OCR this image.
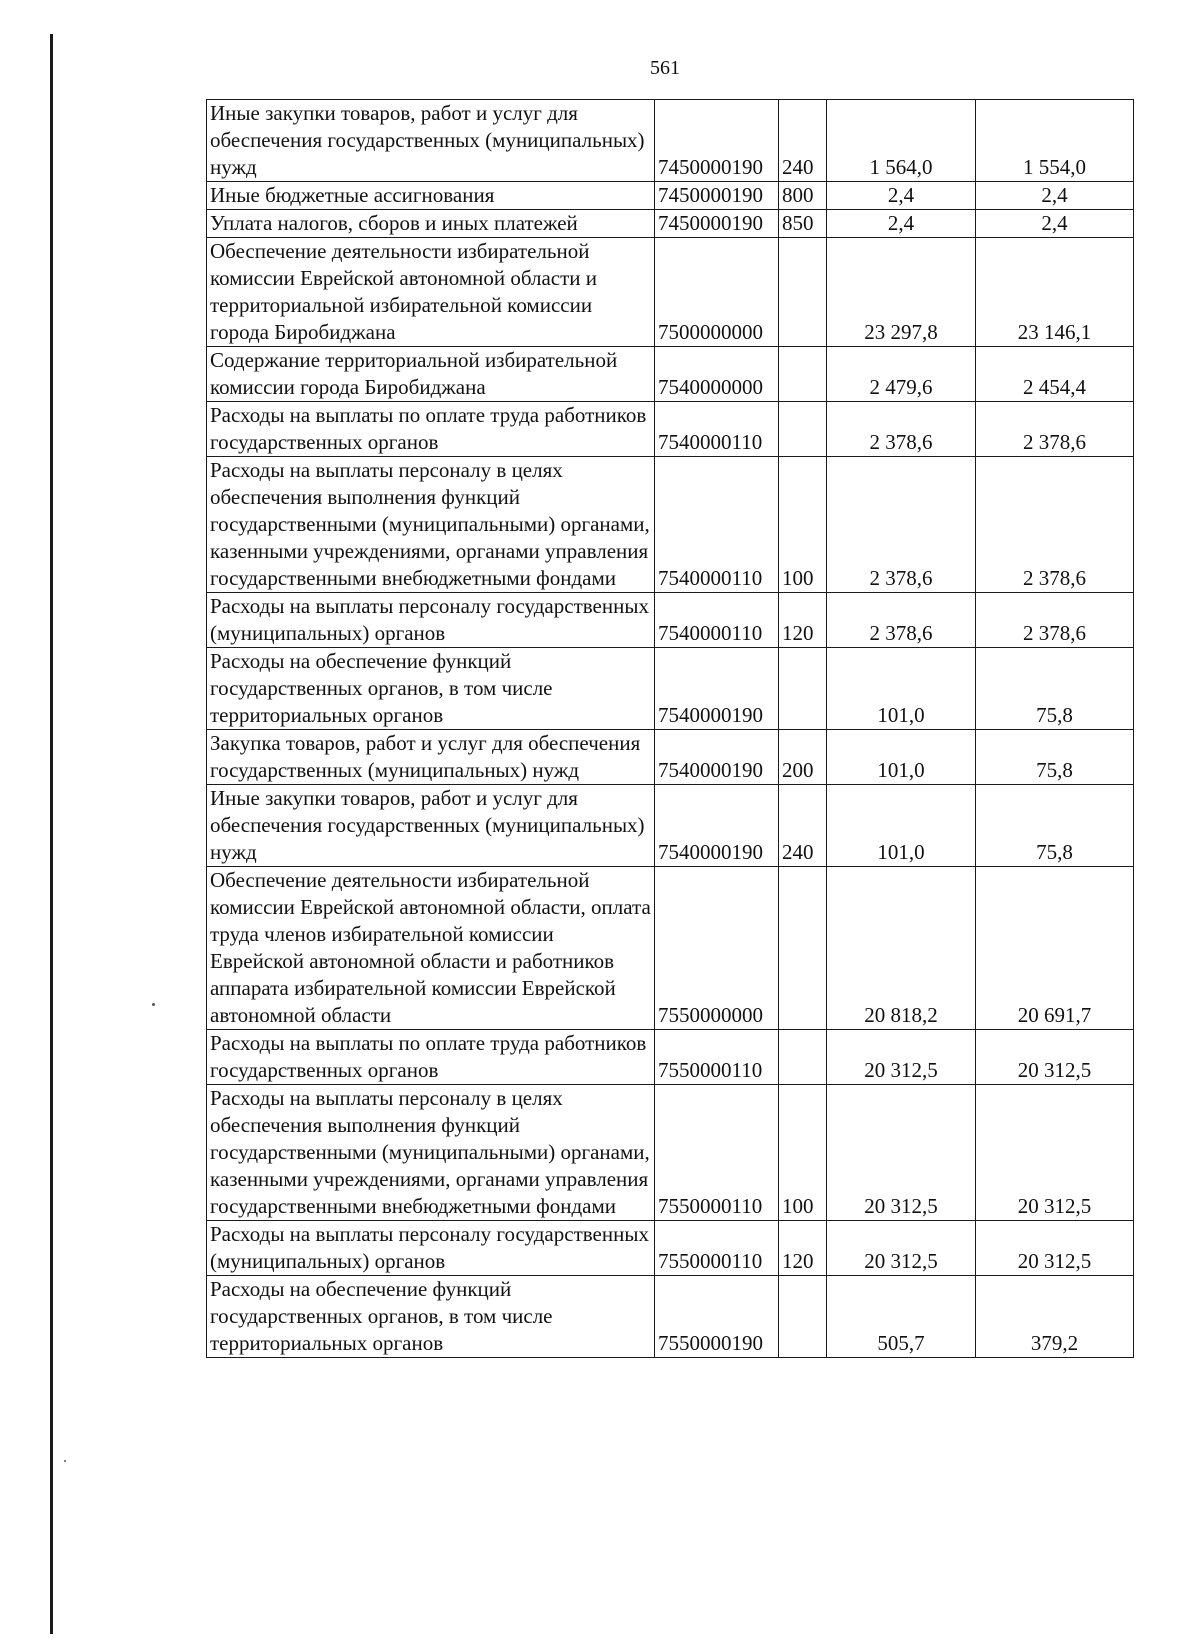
561
Иные закупки товаров, работ и услуг для обеспечения государственных (муниципальных) нужд	7450000190	240	1 564,0	1 554,0
Иные бюджетные ассигнования	7450000190	800	2,4	2,4
Уплата налогов, сборов и иных платежей	7450000190	850	2,4	2,4
Обеспечение деятельности избирательной комиссии Еврейской автономной области и территориальной избирательной комиссии города Биробиджана	7500000000		23 297,8	23 146,1
Содержание территориальной избирательной комиссии города Биробиджана	7540000000		2 479,6	2 454,4
Расходы на выплаты по оплате труда работников государственных органов	7540000110		2 378,6	2 378,6
Расходы на выплаты персоналу в целях обеспечения выполнения функций государственными (муниципальными) органами, казенными учреждениями, органами управления государственными внебюджетными фондами	7540000110	100	2 378,6	2 378,6
Расходы на выплаты персоналу государственных (муниципальных) органов	7540000110	120	2 378,6	2 378,6
Расходы на обеспечение функций государственных органов, в том числе территориальных органов	7540000190		101,0	75,8
Закупка товаров, работ и услуг для обеспечения государственных (муниципальных) нужд	7540000190	200	101,0	75,8
Иные закупки товаров, работ и услуг для обеспечения государственных (муниципальных) нужд	7540000190	240	101,0	75,8
Обеспечение деятельности избирательной комиссии Еврейской автономной области, оплата труда членов избирательной комиссии Еврейской автономной области и работников аппарата избирательной комиссии Еврейской автономной области	7550000000		20 818,2	20 691,7
Расходы на выплаты по оплате труда работников государственных органов	7550000110		20 312,5	20 312,5
Расходы на выплаты персоналу в целях обеспечения выполнения функций государственными (муниципальными) органами, казенными учреждениями, органами управления государственными внебюджетными фондами	7550000110	100	20 312,5	20 312,5
Расходы на выплаты персоналу государственных (муниципальных) органов	7550000110	120	20 312,5	20 312,5
Расходы на обеспечение функций государственных органов, в том числе территориальных органов	7550000190		505,7	379,2
